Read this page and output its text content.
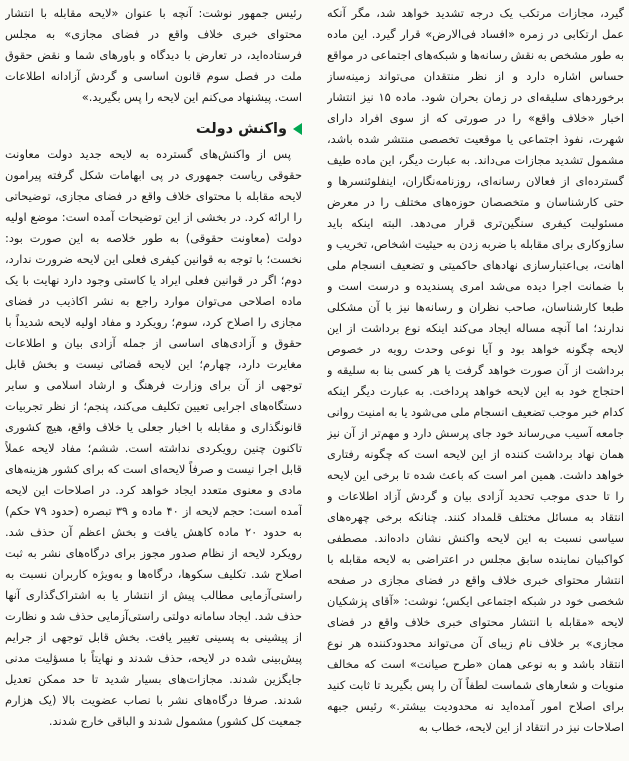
گیرد، مجازات مرتکب یک درجه تشدید خواهد شد، مگر آنکه عمل ارتکابی در زمره «افساد فی‌الارض» قرار گیرد. این ماده به طور مشخص به نقش رسانه‌ها و شبکه‌های اجتماعی در مواقع حساس اشاره دارد و از نظر منتقدان می‌تواند زمینه‌ساز برخوردهای سلیقه‌ای در زمان بحران شود. ماده ۱۵ نیز انتشار اخبار «خلاف واقع» را در صورتی که از سوی افراد دارای شهرت، نفوذ اجتماعی یا موقعیت تخصصی منتشر شده باشد، مشمول تشدید مجازات می‌داند. به عبارت دیگر، این ماده طیف گسترده‌ای از فعالان رسانه‌ای، روزنامه‌نگاران، اینفلوئنسرها و حتی کارشناسان و متخصصان حوزه‌های مختلف را در معرض مسئولیت کیفری سنگین‌تری قرار می‌دهد. البته اینکه باید سازوکاری برای مقابله با ضربه زدن به حیثیت اشخاص، تخریب و اهانت، بی‌اعتبارسازی نهادهای حاکمیتی و تضعیف انسجام ملی با ضمانت اجرا دیده می‌شد امری پسندیده و درست است و طبعا کارشناسان، صاحب نظران و رسانه‌ها نیز با آن مشکلی ندارند؛ اما آنچه مساله ایجاد می‌کند اینکه نوع برداشت از این لایحه چگونه خواهد بود و آیا نوعی وحدت رویه در خصوص برداشت از آن صورت خواهد گرفت یا هر کسی بنا به سلیقه و احتجاج خود به این لایحه خواهد پرداخت. به عبارت دیگر اینکه کدام خبر موجب تضعیف انسجام ملی می‌شود یا به امنیت روانی جامعه آسیب می‌رساند خود جای پرسش دارد و مهم‌تر از آن نیز همان نهاد برداشت کننده از این لایحه است که چگونه رفتاری خواهد داشت. همین امر است که باعث شده تا برخی این لایحه را تا حدی موجب تحدید آزادی بیان و گردش آزاد اطلاعات و انتقاد به مسائل مختلف قلمداد کنند. چنانکه برخی چهره‌های سیاسی نسبت به این لایحه واکنش نشان داده‌اند. مصطفی کواکبیان نماینده سابق مجلس در اعتراضی به لایحه مقابله با انتشار محتوای خبری خلاف واقع در فضای مجازی در صفحه شخصی خود در شبکه اجتماعی ایکس؛ نوشت: «آقای پزشکیان لایحه «مقابله با انتشار محتوای خبری خلاف واقع در فضای مجازی» بر خلاف نام زیبای آن می‌تواند محدودکننده هر نوع انتقاد باشد و به نوعی همان «طرح صیانت» است که مخالف منویات و شعارهای شماست لطفاً آن را پس بگیرید تا ثابت کنید برای اصلاح امور آمده‌اید نه محدودیت بیشتر.» رئیس جبهه اصلاحات نیز در انتقاد از این لایحه، خطاب به

رئیس جمهور نوشت: آنچه با عنوان «لایحه مقابله با انتشار محتوای خبری خلاف واقع در فضای مجازی» به مجلس فرستاده‌اید، در تعارض با دیدگاه و باورهای شما و نقض حقوق ملت در فصل سوم قانون اساسی و گردش آزادانه اطلاعات است. پیشنهاد می‌کنم این لایحه را پس بگیرید.»

واکنش دولت

پس از واکنش‌های گسترده به لایحه جدید دولت معاونت حقوقی ریاست جمهوری در پی ابهامات شکل گرفته پیرامون لایحه مقابله با محتوای خلاف واقع در فضای مجازی، توضیحاتی را ارائه کرد. در بخشی از این توضیحات آمده است: موضع اولیه دولت (معاونت حقوقی) به طور خلاصه به این صورت بود: نخست؛ با توجه به قوانین کیفری فعلی این لایحه ضرورت ندارد، دوم؛ اگر در قوانین فعلی ایراد یا کاستی وجود دارد نهایت با یک ماده اصلاحی می‌توان موارد راجع به نشر اکاذیب در فضای مجازی را اصلاح کرد، سوم؛ رویکرد و مفاد اولیه لایحه شدیداً با حقوق و آزادی‌های اساسی از جمله آزادی بیان و اطلاعات مغایرت دارد، چهارم؛ این لایحه قضائی نیست و بخش قابل توجهی از آن برای وزارت فرهنگ و ارشاد اسلامی و سایر دستگاه‌های اجرایی تعیین تکلیف می‌کند، پنجم؛ از نظر تجربیات قانونگذاری و مقابله با اخبار جعلی یا خلاف واقع، هیچ کشوری تاکنون چنین رویکردی نداشته است. ششم؛ مفاد لایحه عملاً قابل اجرا نیست و صرفاً لایحه‌ای است که برای کشور هزینه‌های مادی و معنوی متعدد ایجاد خواهد کرد. در اصلاحات این لایحه آمده است: حجم لایحه از ۴۰ ماده و ۳۹ تبصره (حدود ۷۹ حکم) به حدود ۲۰ ماده کاهش یافت و بخش اعظم آن حذف شد. رویکرد لایحه از نظام صدور مجوز برای درگاه‌های نشر به ثبت اصلاح شد. تکلیف سکوها، درگاه‌ها و به‌ویژه کاربران نسبت به راستی‌آزمایی مطالب پیش از انتشار یا به اشتراک‌گذاری آنها حذف شد. ایجاد سامانه دولتی راستی‌آزمایی حذف شد و نظارت از پیشینی به پسینی تغییر یافت. بخش قابل توجهی از جرایم پیش‌بینی شده در لایحه، حذف شدند و نهایتاً با مسؤلیت مدنی جایگزین شدند. مجازات‌های بسیار شدید تا حد ممکن تعدیل شدند. صرفا درگاه‌های نشر با نصاب عضویت بالا (یک هزارم جمعیت کل کشور) مشمول شدند و الباقی خارج شدند.
